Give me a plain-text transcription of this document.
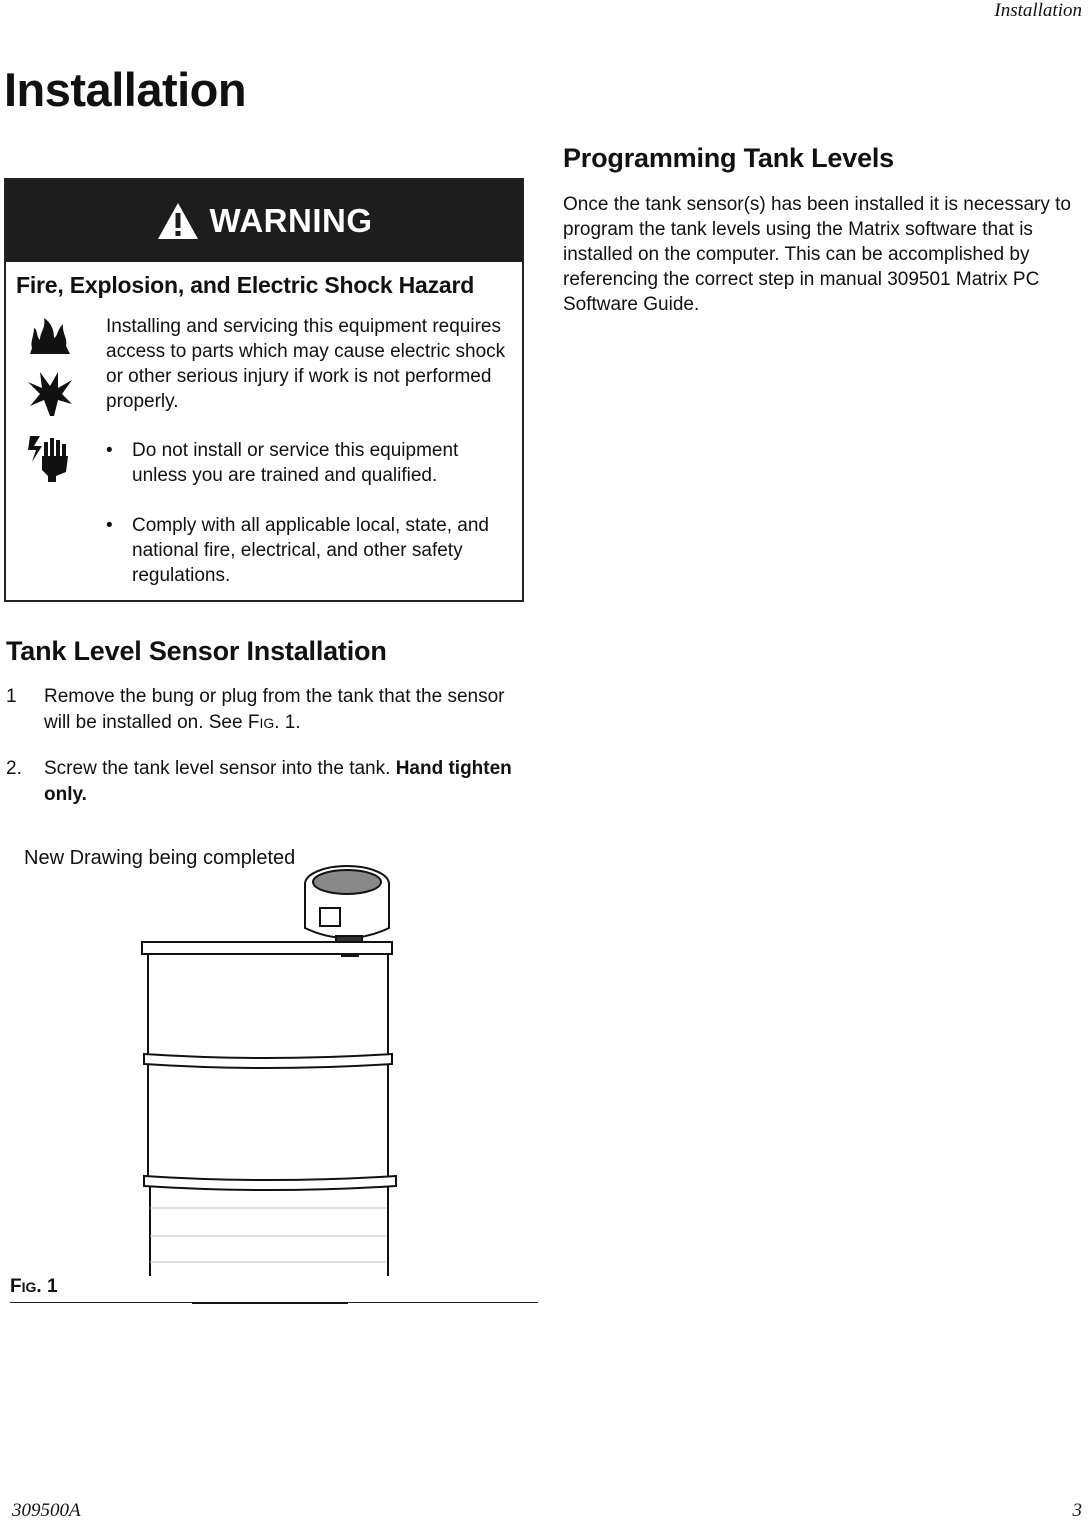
Installation
Installation
WARNING
Fire, Explosion, and Electric Shock Hazard
Installing and servicing this equipment requires access to parts which may cause electric shock or other serious injury if work is not performed properly.
• Do not install or service this equipment unless you are trained and qualified.
• Comply with all applicable local, state, and national fire, electrical, and other safety regulations.
Tank Level Sensor Installation
1 Remove the bung or plug from the tank that the sensor will be installed on. See FIG. 1.
2. Screw the tank level sensor into the tank. Hand tighten only.
New Drawing being completed
FIG. 1
Programming Tank Levels
Once the tank sensor(s) has been installed it is necessary to program the tank levels using the Matrix software that is installed on the computer. This can be accomplished by referencing the correct step in manual 309501 Matrix PC Software Guide.
309500A	3
